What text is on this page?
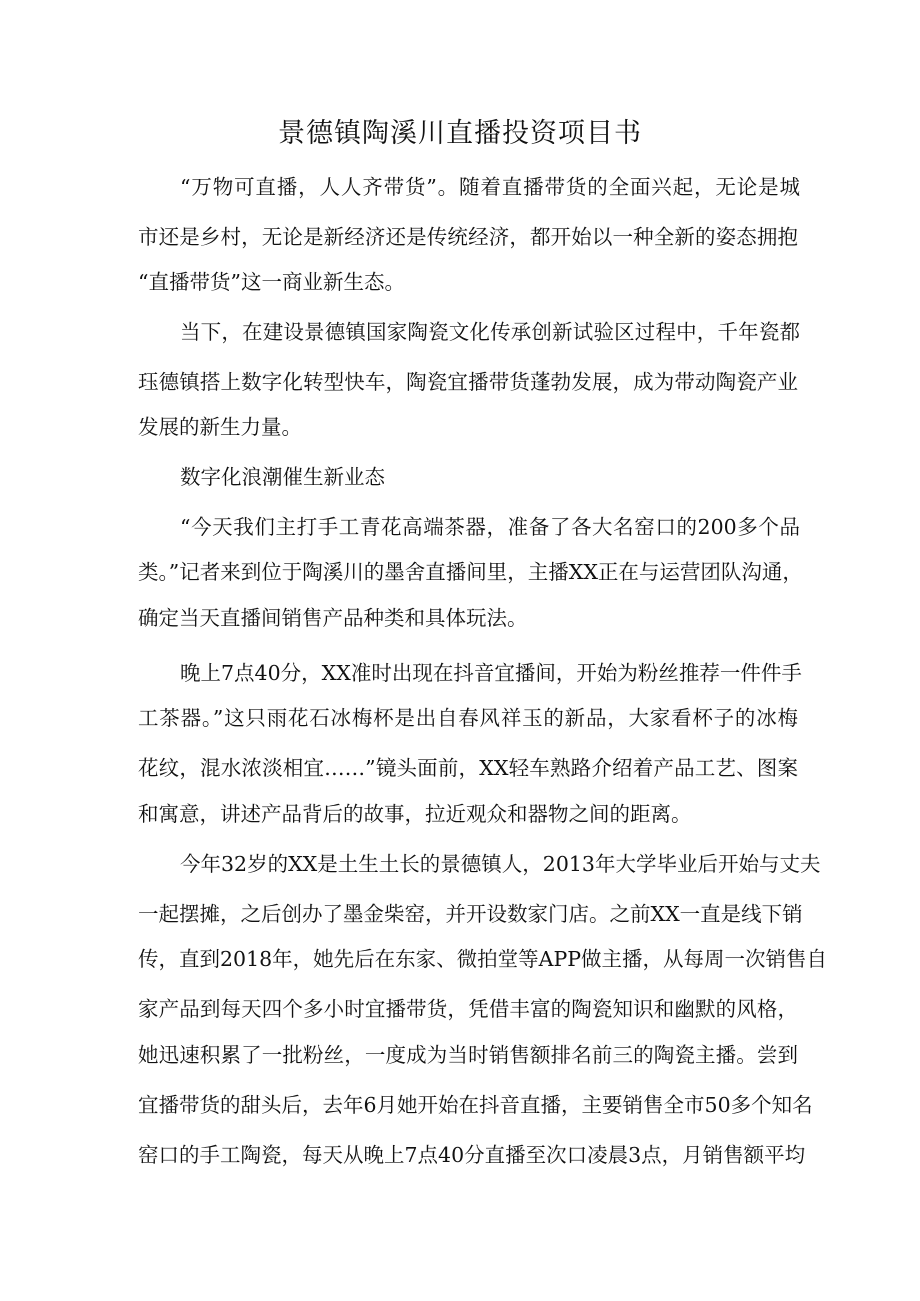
景德镇陶溪川直播投资项目书
“万物可直播，人人齐带货”。随着直播带货的全面兴起，无论是城
市还是乡村，无论是新经济还是传统经济，都开始以一种全新的姿态拥抱
“直播带货”这一商业新生态。
当下，在建设景德镇国家陶瓷文化传承创新试验区过程中，千年瓷都
珏德镇搭上数字化转型快车，陶瓷宜播带货蓬勃发展，成为带动陶瓷产业
发展的新生力量。
数字化浪潮催生新业态
“今天我们主打手工青花高端茶器，准备了各大名窑口的200多个品
类。”记者来到位于陶溪川的墨舍直播间里，主播XX正在与运营团队沟通，
确定当天直播间销售产品种类和具体玩法。
晚上7点40分，XX准时出现在抖音宜播间，开始为粉丝推荐一件件手
工茶器。”这只雨花石冰梅杯是出自春风祥玉的新品，大家看杯子的冰梅
花纹，混水浓淡相宜……”镜头面前，XX轻车熟路介绍着产品工艺、图案
和寓意，讲述产品背后的故事，拉近观众和器物之间的距离。
今年32岁的XX是土生土长的景德镇人，2013年大学毕业后开始与丈夫
一起摆摊，之后创办了墨金柴窑，并开设数家门店。之前XX一直是线下销
传，直到2018年，她先后在东家、微拍堂等APP做主播，从每周一次销售自
家产品到每天四个多小时宜播带货，凭借丰富的陶瓷知识和幽默的风格，
她迅速积累了一批粉丝，一度成为当时销售额排名前三的陶瓷主播。尝到
宜播带货的甜头后，去年6月她开始在抖音直播，主要销售全市50多个知名
窑口的手工陶瓷，每天从晚上7点40分直播至次口凌晨3点，月销售额平均
